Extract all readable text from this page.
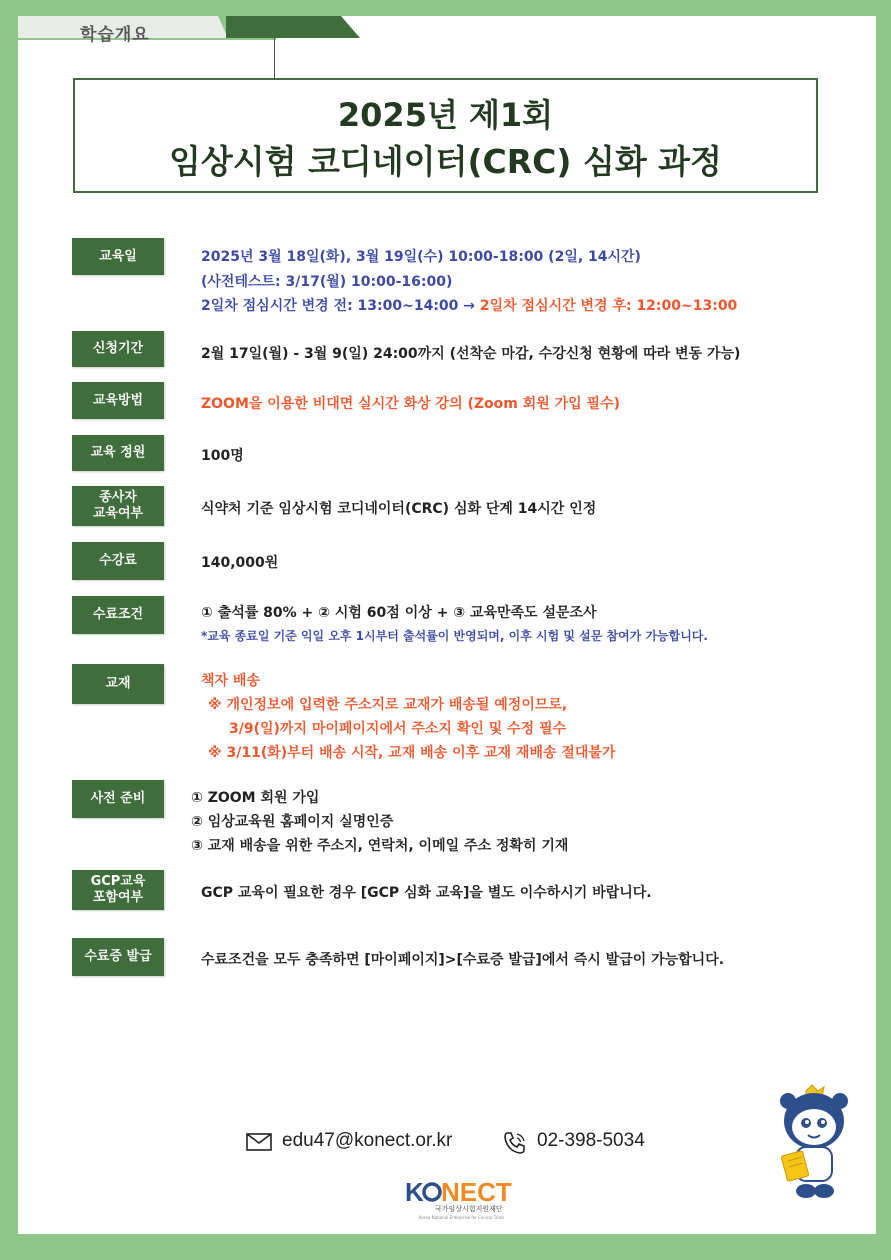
학습개요
2025년 제1회
임상시험 코디네이터(CRC) 심화 과정
교육일	2025년 3월 18일(화), 3월 19일(수) 10:00-18:00 (2일, 14시간)
(사전테스트: 3/17(월) 10:00-16:00)
2일차 점심시간 변경 전: 13:00~14:00 → 2일차 점심시간 변경 후: 12:00~13:00
신청기간	2월 17일(월) - 3월 9(일) 24:00까지 (선착순 마감, 수강신청 현황에 따라 변동 가능)
교육방법	ZOOM을 이용한 비대면 실시간 화상 강의 (Zoom 회원 가입 필수)
교육 정원	100명
종사자
교육여부	식약처 기준 임상시험 코디네이터(CRC) 심화 단계 14시간 인정
수강료	140,000원
수료조건	① 출석률 80% + ② 시험 60점 이상 + ③ 교육만족도 설문조사
*교육 종료일 기준 익일 오후 1시부터 출석률이 반영되며, 이후 시험 및 설문 참여가 가능합니다.
교재	책자 배송
※ 개인정보에 입력한 주소지로 교재가 배송될 예정이므로,
3/9(일)까지 마이페이지에서 주소지 확인 및 수정 필수
※ 3/11(화)부터 배송 시작, 교재 배송 이후 교재 재배송 절대불가
사전 준비	① ZOOM 회원 가입
② 임상교육원 홈페이지 실명인증
③ 교재 배송을 위한 주소지, 연락처, 이메일 주소 정확히 기재
GCP교육
포함여부	GCP 교육이 필요한 경우 [GCP 심화 교육]을 별도 이수하시기 바랍니다.
수료증 발급	수료조건을 모두 충족하면 [마이페이지]>[수료증 발급]에서 즉시 발급이 가능합니다.
edu47@konect.or.kr	02-398-5034
K NECT
국가임상시험지원재단
Korea National Enterprise for Clinical Trials
